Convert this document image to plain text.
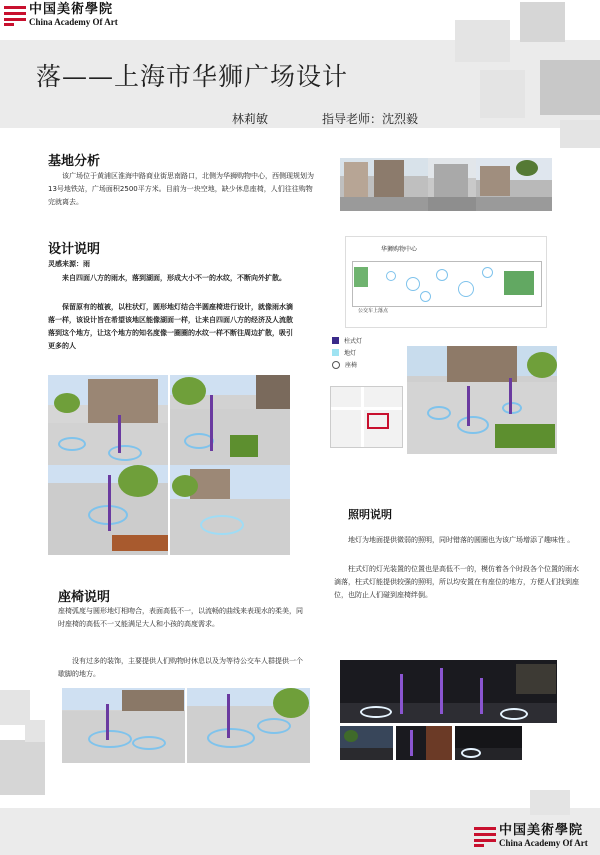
中国美術學院
China Academy Of Art
落——上海市华狮广场设计
林莉敏	指导老师：沈烈毅
基地分析
该广场位于黄浦区淮海中路商业街思南路口，北侧为华狮购物中心，西侧现规划为13号地铁站，广场面积2500平方米。目前为一块空地，缺少休息座椅，人们往往购物完就离去。
设计说明
灵感来源：雨
来自四面八方的雨水，落到湖面，形成大小不一的水纹，不断向外扩散。
保留原有的植被，以柱状灯，圆形地灯结合半圆座椅进行设计，就像雨水滴落一样，该设计旨在希望该地区能像湖面一样，让来自四面八方的经济及人流散落到这个地方，让这个地方的知名度像一圈圈的水纹一样不断往周边扩散，吸引更多的人
华狮购物中心
公交车上落点
柱式灯
地灯
座椅
照明说明
地灯为地面提供微弱的照明，同时错落的圆圈也为该广场增添了趣味性 。
柱式灯的灯光装置的位置也是高低不一的，模仿着各个时段各个位置的雨水滴落，柱式灯能提供较强的照明，所以均安置在有座位的地方，方便人们找到座位，也防止人们碰到座椅绊倒。
座椅说明
座椅弧度与圆形地灯相吻合，表面高低不一，以流畅的曲线来表现水的柔美，同时座椅的高低不一又能满足大人和小孩的高度需求。
没有过多的装饰，主要提供人们购物时休息以及为等待公交车人群提供一个歇脚的地方。
中国美術學院
China Academy Of Art
